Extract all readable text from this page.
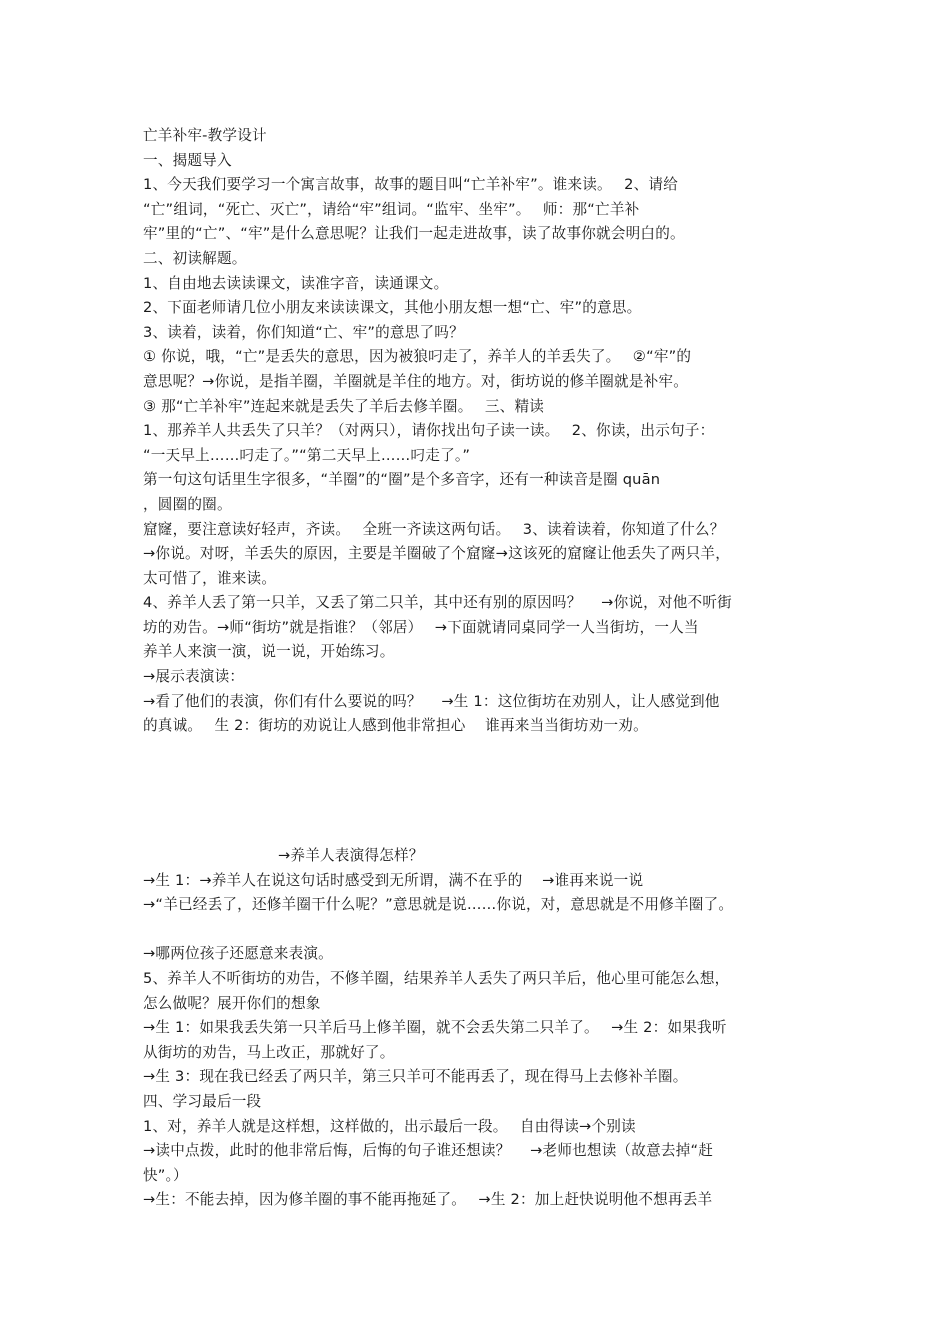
亡羊补牢-教学设计
一、揭题导入
1、今天我们要学习一个寓言故事，故事的题目叫“亡羊补牢”。谁来读。　 2、请给
“亡”组词，“死亡、灭亡”，请给“牢”组词。“监牢、坐牢”。　 师：那“亡羊补
牢”里的“亡”、“牢”是什么意思呢？让我们一起走进故事，读了故事你就会明白的。
二、初读解题。
1、自由地去读读课文，读准字音，读通课文。
2、下面老师请几位小朋友来读读课文，其他小朋友想一想“亡、牢”的意思。
3、读着，读着，你们知道“亡、牢”的意思了吗？
① 你说，哦，“亡”是丢失的意思，因为被狼叼走了，养羊人的羊丢失了。　 ②“牢”的
意思呢？→你说，是指羊圈，羊圈就是羊住的地方。对，街坊说的修羊圈就是补牢。
③ 那“亡羊补牢”连起来就是丢失了羊后去修羊圈。　 三、精读
1、那养羊人共丢失了只羊？（对两只），请你找出句子读一读。　 2、你读，出示句子：
“一天早上……叼走了。”“第二天早上……叼走了。”
第一句这句话里生字很多，“羊圈”的“圈”是个多音字，还有一种读音是圈 quān
，圆圈的圈。
窟窿，要注意读好轻声，齐读。　 全班一齐读这两句话。　 3、读着读着，你知道了什么？
→你说。对呀，羊丢失的原因，主要是羊圈破了个窟窿→这该死的窟窿让他丢失了两只羊，
太可惜了，谁来读。
4、养羊人丢了第一只羊，又丢了第二只羊，其中还有别的原因吗？　 →你说，对他不听街
坊的劝告。→师“街坊”就是指谁？（邻居）　 →下面就请同桌同学一人当街坊，一人当
养羊人来演一演，说一说，开始练习。
→展示表演读：
→看了他们的表演，你们有什么要说的吗？　 →生 1：这位街坊在劝别人，让人感觉到他
的真诚。　 生 2：街坊的劝说让人感到他非常担心　 谁再来当当街坊劝一劝。
→养羊人表演得怎样？
→生 1：→养羊人在说这句话时感受到无所谓，满不在乎的　 →谁再来说一说
→“羊已经丢了，还修羊圈干什么呢？”意思就是说……你说，对，意思就是不用修羊圈了。
→哪两位孩子还愿意来表演。
5、养羊人不听街坊的劝告，不修羊圈，结果养羊人丢失了两只羊后，他心里可能怎么想，
怎么做呢？展开你们的想象
→生 1：如果我丢失第一只羊后马上修羊圈，就不会丢失第二只羊了。　 →生 2：如果我听
从街坊的劝告，马上改正，那就好了。
→生 3：现在我已经丢了两只羊，第三只羊可不能再丢了，现在得马上去修补羊圈。
四、学习最后一段
1、对，养羊人就是这样想，这样做的，出示最后一段。　 自由得读→个别读
→读中点拨，此时的他非常后悔，后悔的句子谁还想读？　 →老师也想读（故意去掉“赶
快”。）
→生：不能去掉，因为修羊圈的事不能再拖延了。　 →生 2：加上赶快说明他不想再丢羊
